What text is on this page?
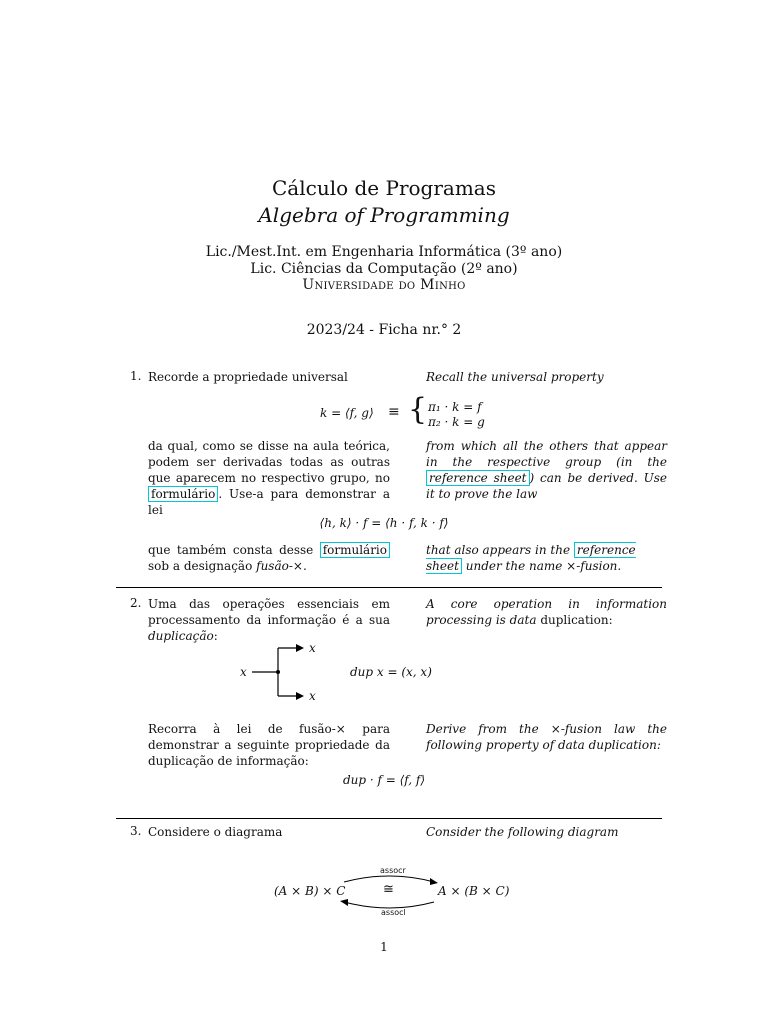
Cálculo de Programas
Algebra of Programming
Lic./Mest.Int. em Engenharia Informática (3º ano)
Lic. Ciências da Computação (2º ano)
Universidade do Minho
2023/24 - Ficha nr.° 2
1. Recorde a propriedade universal	Recall the universal property
k = ⟨f, g⟩ ≡ { π₁ · k = f
π₂ · k = g
da qual, como se disse na aula teórica, podem ser derivadas todas as outras que aparecem no respectivo grupo, no formulário . Use-a para demonstrar a lei
from which all the others that appear in the respective group (in the reference sheet ) can be derived. Use it to prove the law
⟨h, k⟩ · f = ⟨h · f, k · f⟩
que também consta desse formulário sob a designação fusão-×.
that also appears in the reference sheet under the name ×-fusion.
2. Uma das operações essenciais em processamento da informação é a sua duplicação:
A core operation in information processing is data duplication:
x
x
x
dup x = (x, x)
Recorra à lei de fusão-× para demonstrar a seguinte propriedade da duplicação de informação:
Derive from the ×-fusion law the following property of data duplication:
dup · f = ⟨f, f⟩
3. Considere o diagrama	Consider the following diagram
assocr
assocl
(A × B) × C	≅	A × (B × C)
1
